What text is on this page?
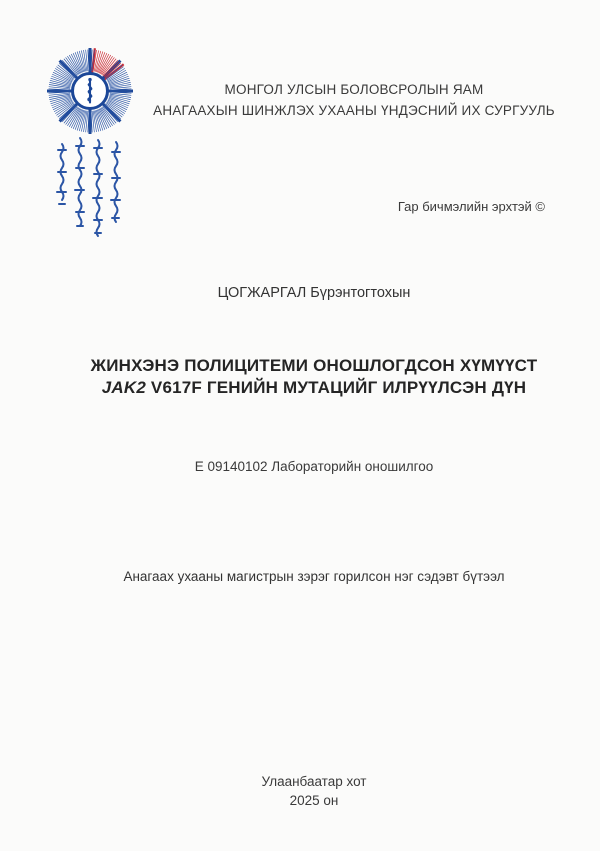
МОНГОЛ УЛСЫН БОЛОВСРОЛЫН ЯАМ
АНАГААХЫН ШИНЖЛЭХ УХААНЫ ҮНДЭСНИЙ ИХ СУРГУУЛЬ
Гар бичмэлийн эрхтэй ©
ЦОГЖАРГАЛ Бүрэнтогтохын
ЖИНХЭНЭ ПОЛИЦИТЕМИ ОНОШЛОГДСОН ХҮМҮҮСТ
JAK2 V617F ГЕНИЙН МУТАЦИЙГ ИЛРҮҮЛСЭН ДҮН
Е 09140102 Лабораторийн оношилгоо
Анагаах ухааны магистрын зэрэг горилсон нэг сэдэвт бүтээл
Улаанбаатар хот
2025 он
